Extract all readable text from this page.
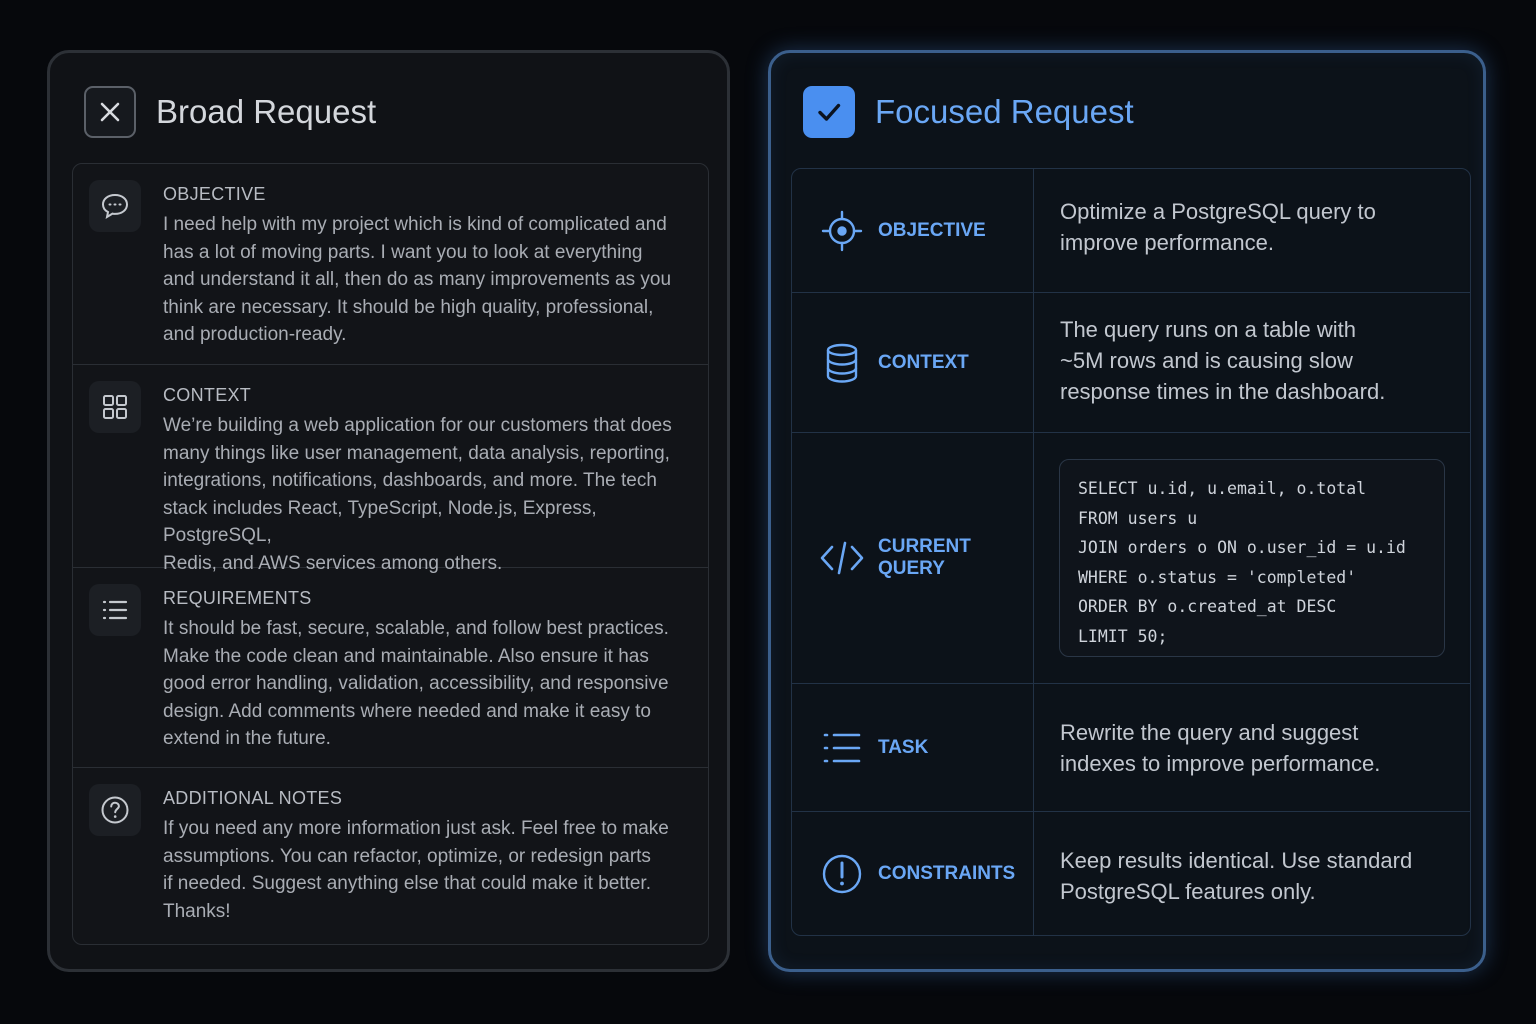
Broad Request
OBJECTIVE
I need help with my project which is kind of complicated and
has a lot of moving parts. I want you to look at everything
and understand it all, then do as many improvements as you
think are necessary. It should be high quality, professional,
and production-ready.
CONTEXT
We’re building a web application for our customers that does
many things like user management, data analysis, reporting,
integrations, notifications, dashboards, and more. The tech
stack includes React, TypeScript, Node.js, Express, PostgreSQL,
Redis, and AWS services among others.
REQUIREMENTS
It should be fast, secure, scalable, and follow best practices.
Make the code clean and maintainable. Also ensure it has
good error handling, validation, accessibility, and responsive
design. Add comments where needed and make it easy to
extend in the future.
ADDITIONAL NOTES
If you need any more information just ask. Feel free to make
assumptions. You can refactor, optimize, or redesign parts
if needed. Suggest anything else that could make it better.
Thanks!
Focused Request
OBJECTIVE
Optimize a PostgreSQL query to
improve performance.
CONTEXT
The query runs on a table with
~5M rows and is causing slow
response times in the dashboard.
CURRENT QUERY
SELECT u.id, u.email, o.total
FROM users u
JOIN orders o ON o.user_id = u.id
WHERE o.status = 'completed'
ORDER BY o.created_at DESC
LIMIT 50;
TASK
Rewrite the query and suggest
indexes to improve performance.
CONSTRAINTS
Keep results identical. Use standard
PostgreSQL features only.
